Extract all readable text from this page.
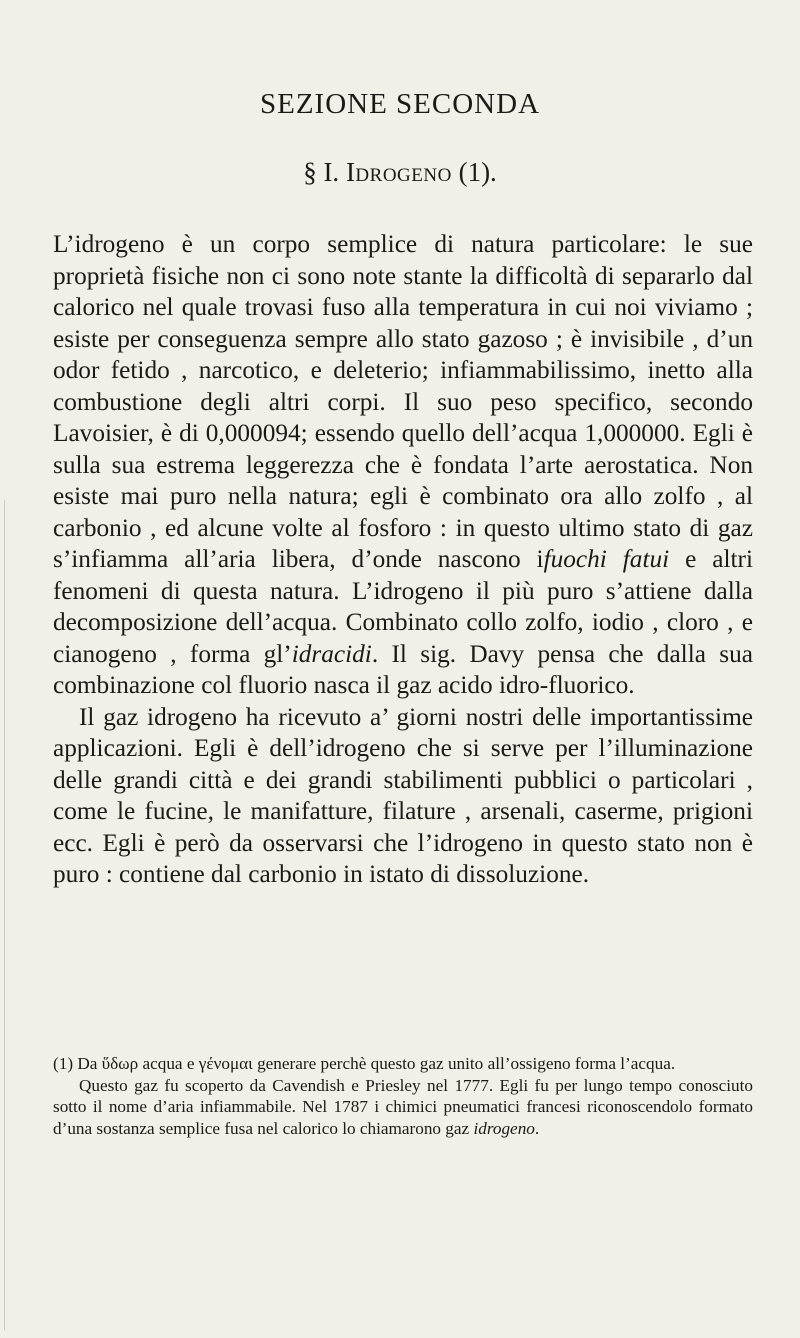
SEZIONE SECONDA
§ I. Idrogeno (1).

L’idrogeno è un corpo semplice di natura particolare: le sue proprietà fisiche non ci sono note stante la difficoltà di separarlo dal calorico nel quale trovasi fuso alla temperatura in cui noi viviamo ; esiste per conseguenza sempre allo stato gazoso ; è invisibile , d’un odor fetido , narcotico, e deleterio; infiammabilissimo, inetto alla combustione degli altri corpi. Il suo peso specifico, secondo Lavoisier, è di 0,000094; essendo quello dell’acqua 1,000000. Egli è sulla sua estrema leggerezza che è fondata l’arte aerostatica. Non esiste mai puro nella natura; egli è combinato ora allo zolfo , al carbonio , ed alcune volte al fosforo : in questo ultimo stato di gaz s’infiamma all’aria libera, d’onde nascono ifuochi fatui e altri fenomeni di questa natura. L’idrogeno il più puro s’attiene dalla decomposizione dell’acqua. Combinato collo zolfo, iodio , cloro , e cianogeno , forma gl’idracidi. Il sig. Davy pensa che dalla sua combinazione col fluorio nasca il gaz acido idro-fluorico.

Il gaz idrogeno ha ricevuto a’ giorni nostri delle importantissime applicazioni. Egli è dell’idrogeno che si serve per l’illuminazione delle grandi città e dei grandi stabilimenti pubblici o particolari , come le fucine, le manifatture, filature , arsenali, caserme, prigioni ecc. Egli è però da osservarsi che l’idrogeno in questo stato non è puro : contiene dal carbonio in istato di dissoluzione.

(1) Da ὕδωρ acqua e γένομαι generare perchè questo gaz unito all’ossigeno forma l’acqua.

Questo gaz fu scoperto da Cavendish e Priesley nel 1777. Egli fu per lungo tempo conosciuto sotto il nome d’aria infiammabile. Nel 1787 i chimici pneumatici francesi riconoscendolo formato d’una sostanza semplice fusa nel calorico lo chiamarono gaz idrogeno.
